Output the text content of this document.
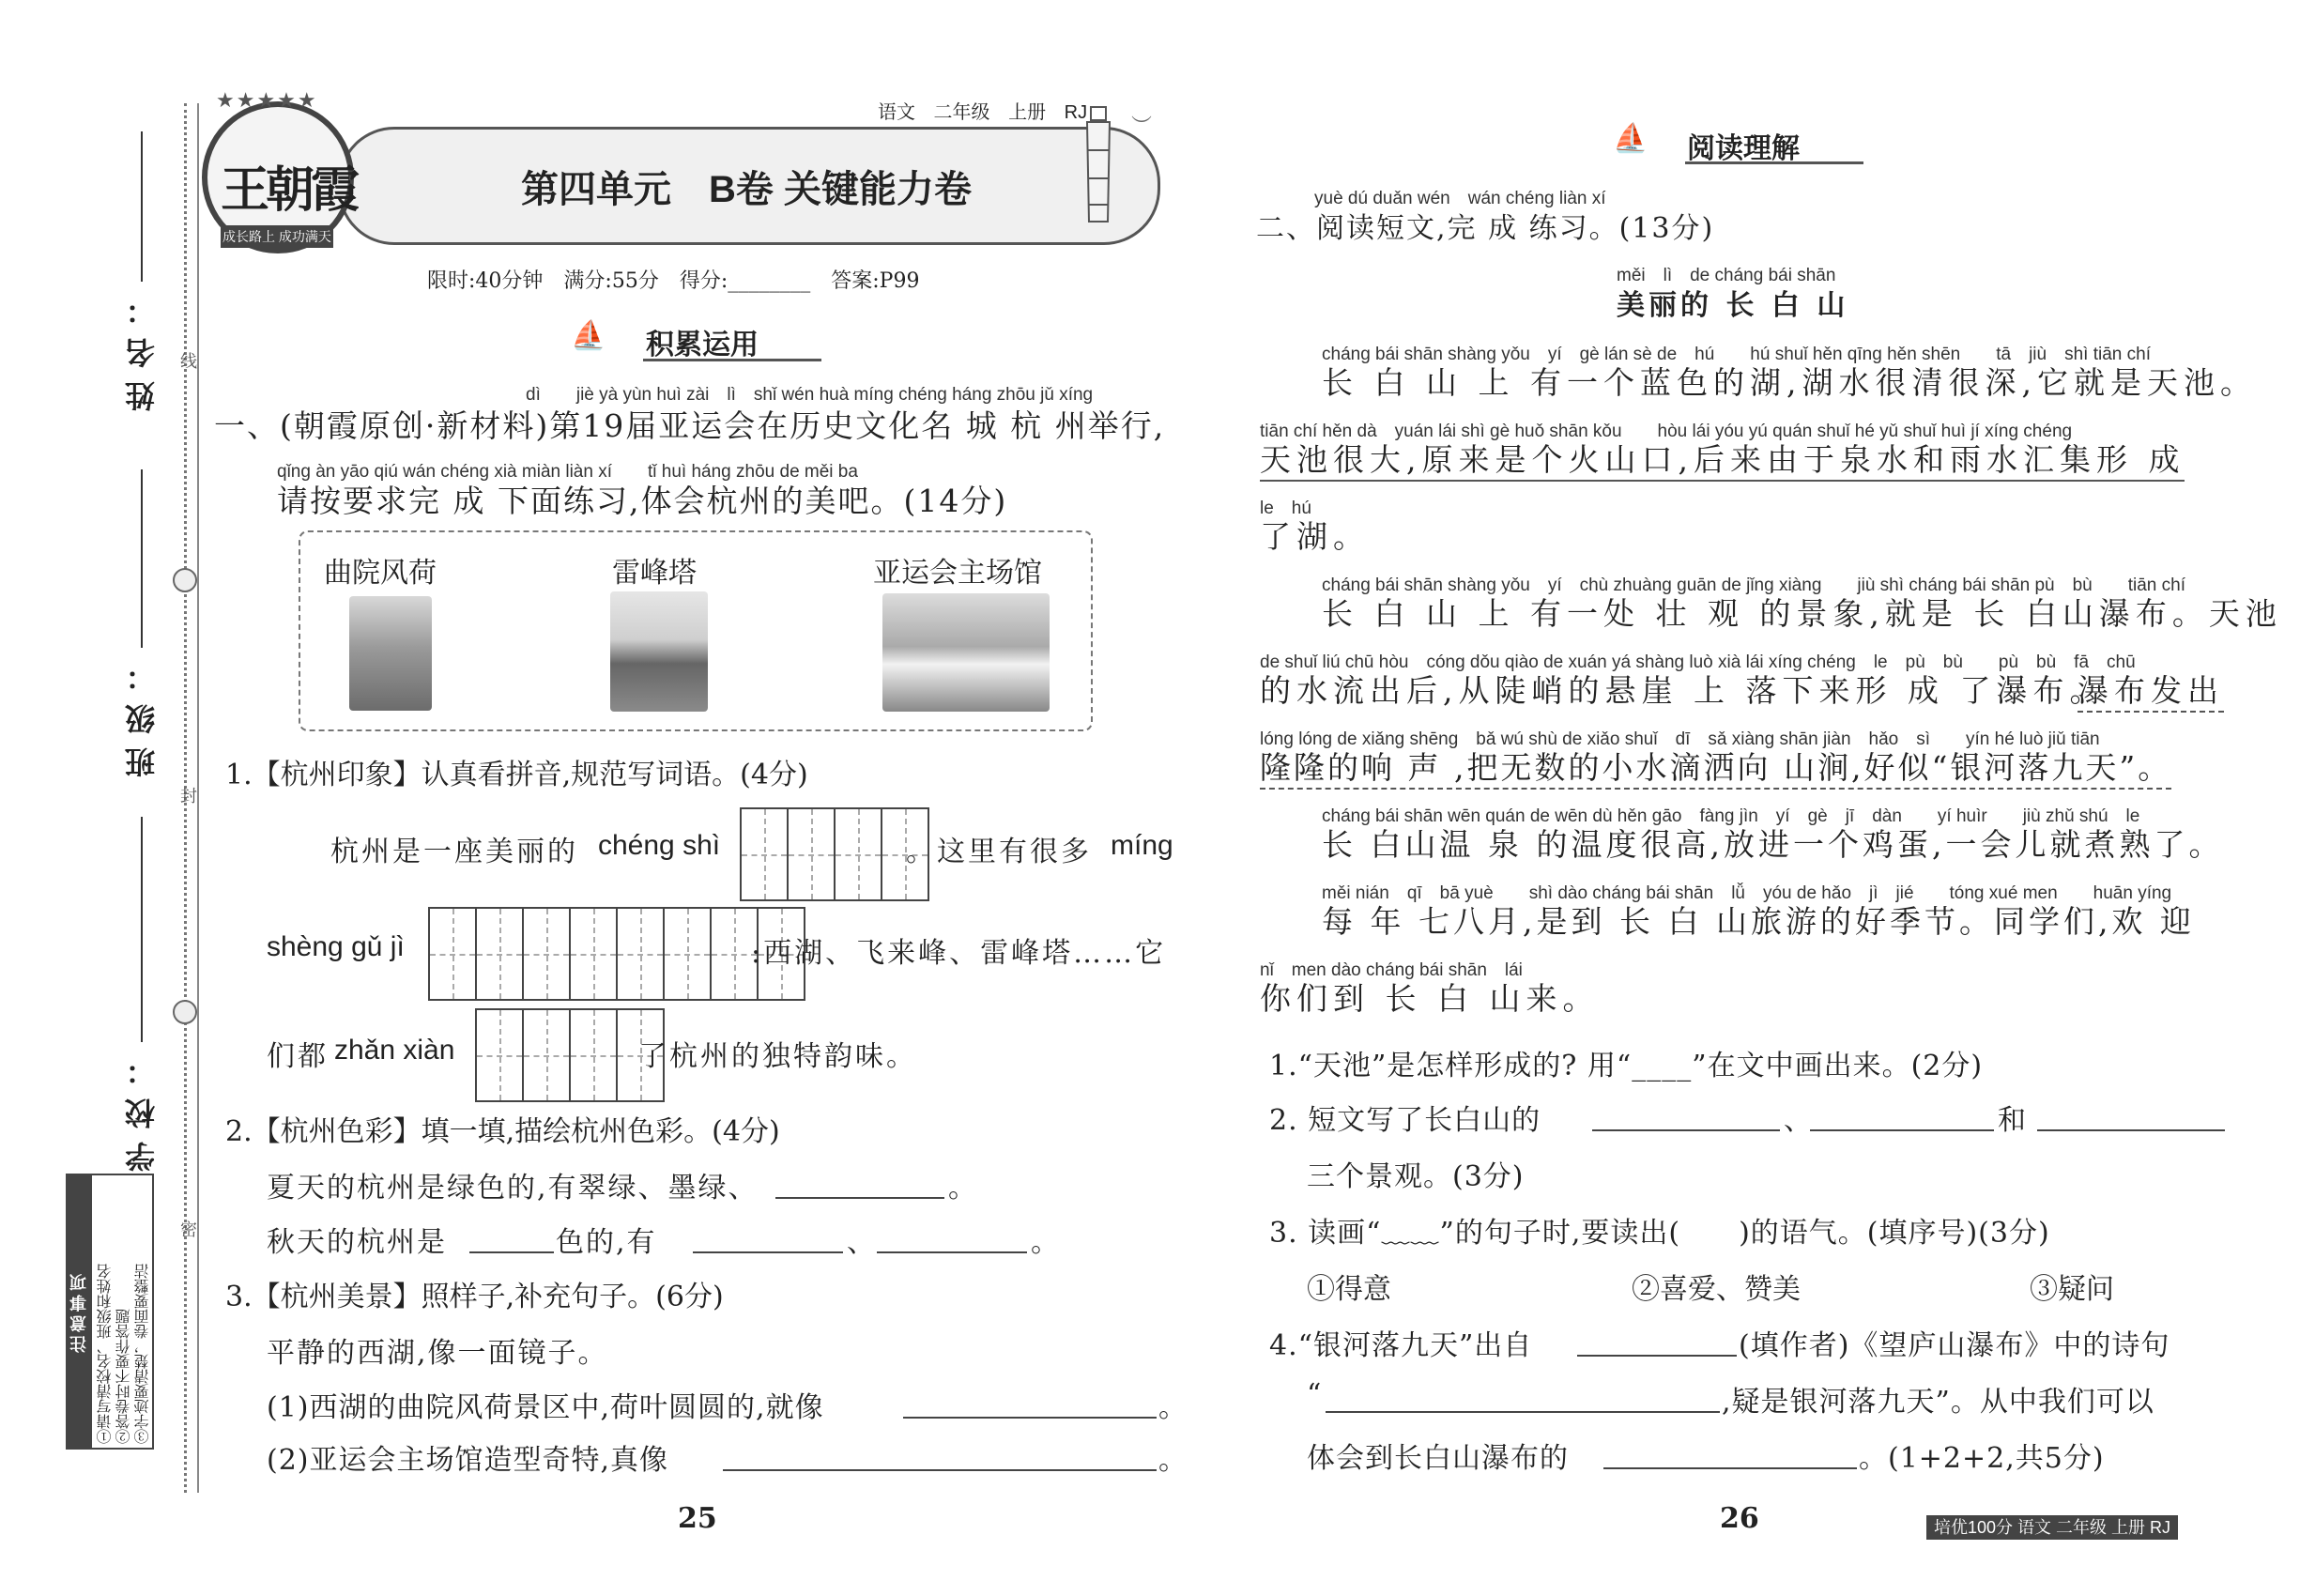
姓名：
班级：
学校：
线
封
密
注意事项 ①请写清校名、班级和姓名 ②答卷时不要作答题 ③字迹要清楚，卷面要整洁
★★★★★
王朝霞
成长路上 成功满天
语文 二年级 上册 RJ
︶
第四单元　B卷 关键能力卷
限时:40分钟　满分:55分　得分:________　答案:P99
⛵ 积累运用
dì　　jiè yà yùn huì zài　lì　shǐ wén huà míng chéng háng zhōu jǔ xíng
一、(朝霞原创·新材料)第19届亚运会在历史文化名 城 杭 州举行,
qǐng àn yāo qiú wán chéng xià miàn liàn xí　　tǐ huì háng zhōu de měi ba
请按要求完 成 下面练习,体会杭州的美吧。(14分)
曲院风荷	雷峰塔	亚运会主场馆
1.【杭州印象】认真看拼音,规范写词语。(4分)
杭州是一座美丽的 chéng shì	。这里有很多 míng
shèng gǔ jì	:西湖、飞来峰、雷峰塔……它
们都 zhǎn xiàn	了杭州的独特韵味。
2.【杭州色彩】填一填,描绘杭州色彩。(4分)
夏天的杭州是绿色的,有翠绿、墨绿、	。
秋天的杭州是	色的,有	、	。
3.【杭州美景】照样子,补充句子。(6分)
平静的西湖,像一面镜子。
(1)西湖的曲院风荷景区中,荷叶圆圆的,就像	。
(2)亚运会主场馆造型奇特,真像	。
25
⛵ 阅读理解
yuè dú duǎn wén　wán chéng liàn xí
二、阅读短文,完 成 练习。(13分)
měi　lì　de cháng bái shān
美丽的 长 白 山
cháng bái shān shàng yǒu　yí　gè lán sè de　hú　　hú shuǐ hěn qīng hěn shēn　　tā　jiù　shì tiān chí
长 白 山 上 有一个蓝色的湖,湖水很清很深,它就是天池。
tiān chí hěn dà　yuán lái shì gè huǒ shān kǒu　　hòu lái yóu yú quán shuǐ hé yǔ shuǐ huì jí xíng chéng
天池很大,原来是个火山口,后来由于泉水和雨水汇集形 成
le　hú
了湖。
cháng bái shān shàng yǒu　yí　chù zhuàng guān de jǐng xiàng　　jiù shì cháng bái shān pù　bù　　tiān chí
长 白 山 上 有一处 壮 观 的景象,就是 长 白山瀑布。天池
de shuǐ liú chū hòu　cóng dǒu qiào de xuán yá shàng luò xià lái xíng chéng　le　pù　bù　　pù　bù　fā　chū
的水流出后,从陡峭的悬崖 上 落下来形 成 了瀑布。
瀑布发出
lóng lóng de xiǎng shēng　bǎ wú shù de xiǎo shuǐ　dī　sǎ xiàng shān jiàn　hǎo　sì　　yín hé luò jiǔ tiān
隆隆的响 声 ,把无数的小水滴洒向 山涧,好似“银河落九天”。
cháng bái shān wēn quán de wēn dù hěn gāo　fàng jìn　yí　gè　jī　dàn　　yí huìr　　jiù zhǔ shú　le
长 白山温 泉 的温度很高,放进一个鸡蛋,一会儿就煮熟了。
měi nián　qī　bā yuè　　shì dào cháng bái shān　lǚ　yóu de hǎo　jì　jié　　tóng xué men　　huān yíng
每 年 七八月,是到 长 白 山旅游的好季节。同学们,欢 迎
nǐ　men dào cháng bái shān　lái
你们到 长 白 山来。
1.“天池”是怎样形成的? 用“____”在文中画出来。(2分)
2. 短文写了长白山的	、	和
三个景观。(3分)
3. 读画“﹏﹏”的句子时,要读出(　　)的语气。(填序号)(3分)
①得意	②喜爱、赞美	③疑问
4.“银河落九天”出自	(填作者)《望庐山瀑布》中的诗句
“	,疑是银河落九天”。从中我们可以
体会到长白山瀑布的	。(1+2+2,共5分)
26	培优100分 语文 二年级 上册 RJ
